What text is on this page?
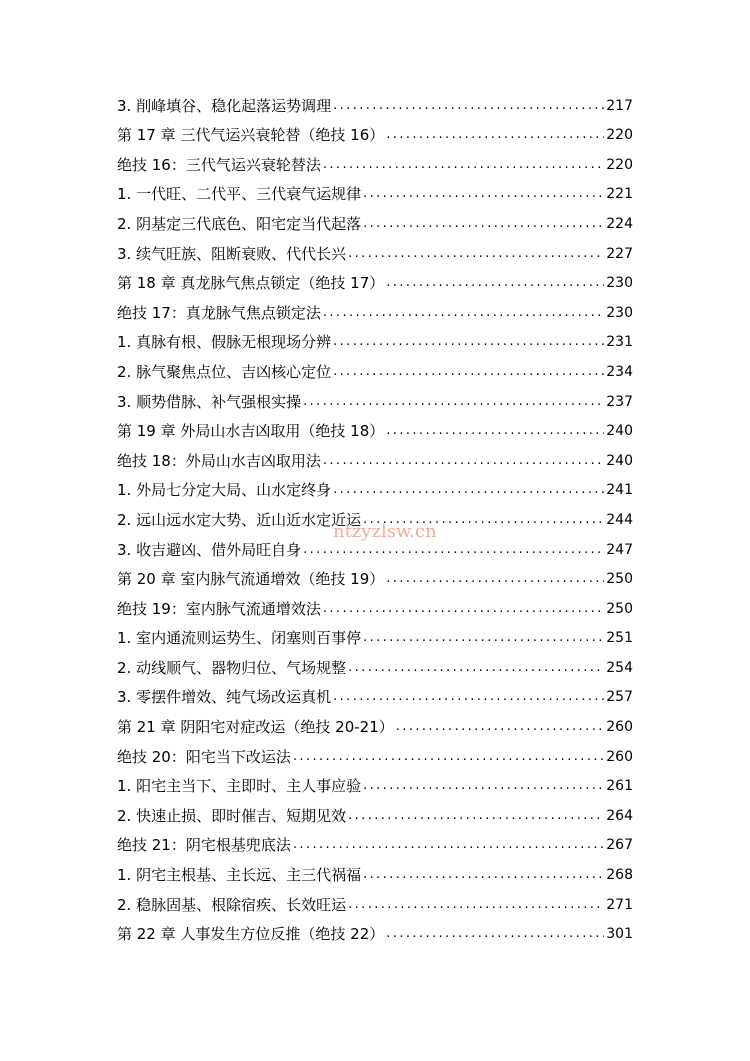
3. 削峰填谷、稳化起落运势调理 .....	217
第 17 章 三代气运兴衰轮替（绝技 16） .....	220
绝技 16：三代气运兴衰轮替法 .....	220
1. 一代旺、二代平、三代衰气运规律 .....	221
2. 阴基定三代底色、阳宅定当代起落 .....	224
3. 续气旺族、阻断衰败、代代长兴 .....	227
第 18 章 真龙脉气焦点锁定（绝技 17） .....	230
绝技 17：真龙脉气焦点锁定法 .....	230
1. 真脉有根、假脉无根现场分辨 .....	231
2. 脉气聚焦点位、吉凶核心定位 .....	234
3. 顺势借脉、补气强根实操 .....	237
第 19 章 外局山水吉凶取用（绝技 18） .....	240
绝技 18：外局山水吉凶取用法 .....	240
1. 外局七分定大局、山水定终身 .....	241
2. 远山远水定大势、近山近水定近运 .....	244
3. 收吉避凶、借外局旺自身 .....	247
第 20 章 室内脉气流通增效（绝技 19） .....	250
绝技 19：室内脉气流通增效法 .....	250
1. 室内通流则运势生、闭塞则百事停 .....	251
2. 动线顺气、器物归位、气场规整 .....	254
3. 零摆件增效、纯气场改运真机 .....	257
第 21 章 阴阳宅对症改运（绝技 20-21） .....	260
绝技 20：阳宅当下改运法 .....	260
1. 阳宅主当下、主即时、主人事应验 .....	261
2. 快速止损、即时催吉、短期见效 .....	264
绝技 21：阴宅根基兜底法 .....	267
1. 阴宅主根基、主长远、主三代祸福 .....	268
2. 稳脉固基、根除宿疾、长效旺运 .....	271
第 22 章 人事发生方位反推（绝技 22） .....	301
ntzyzlsw.cn
